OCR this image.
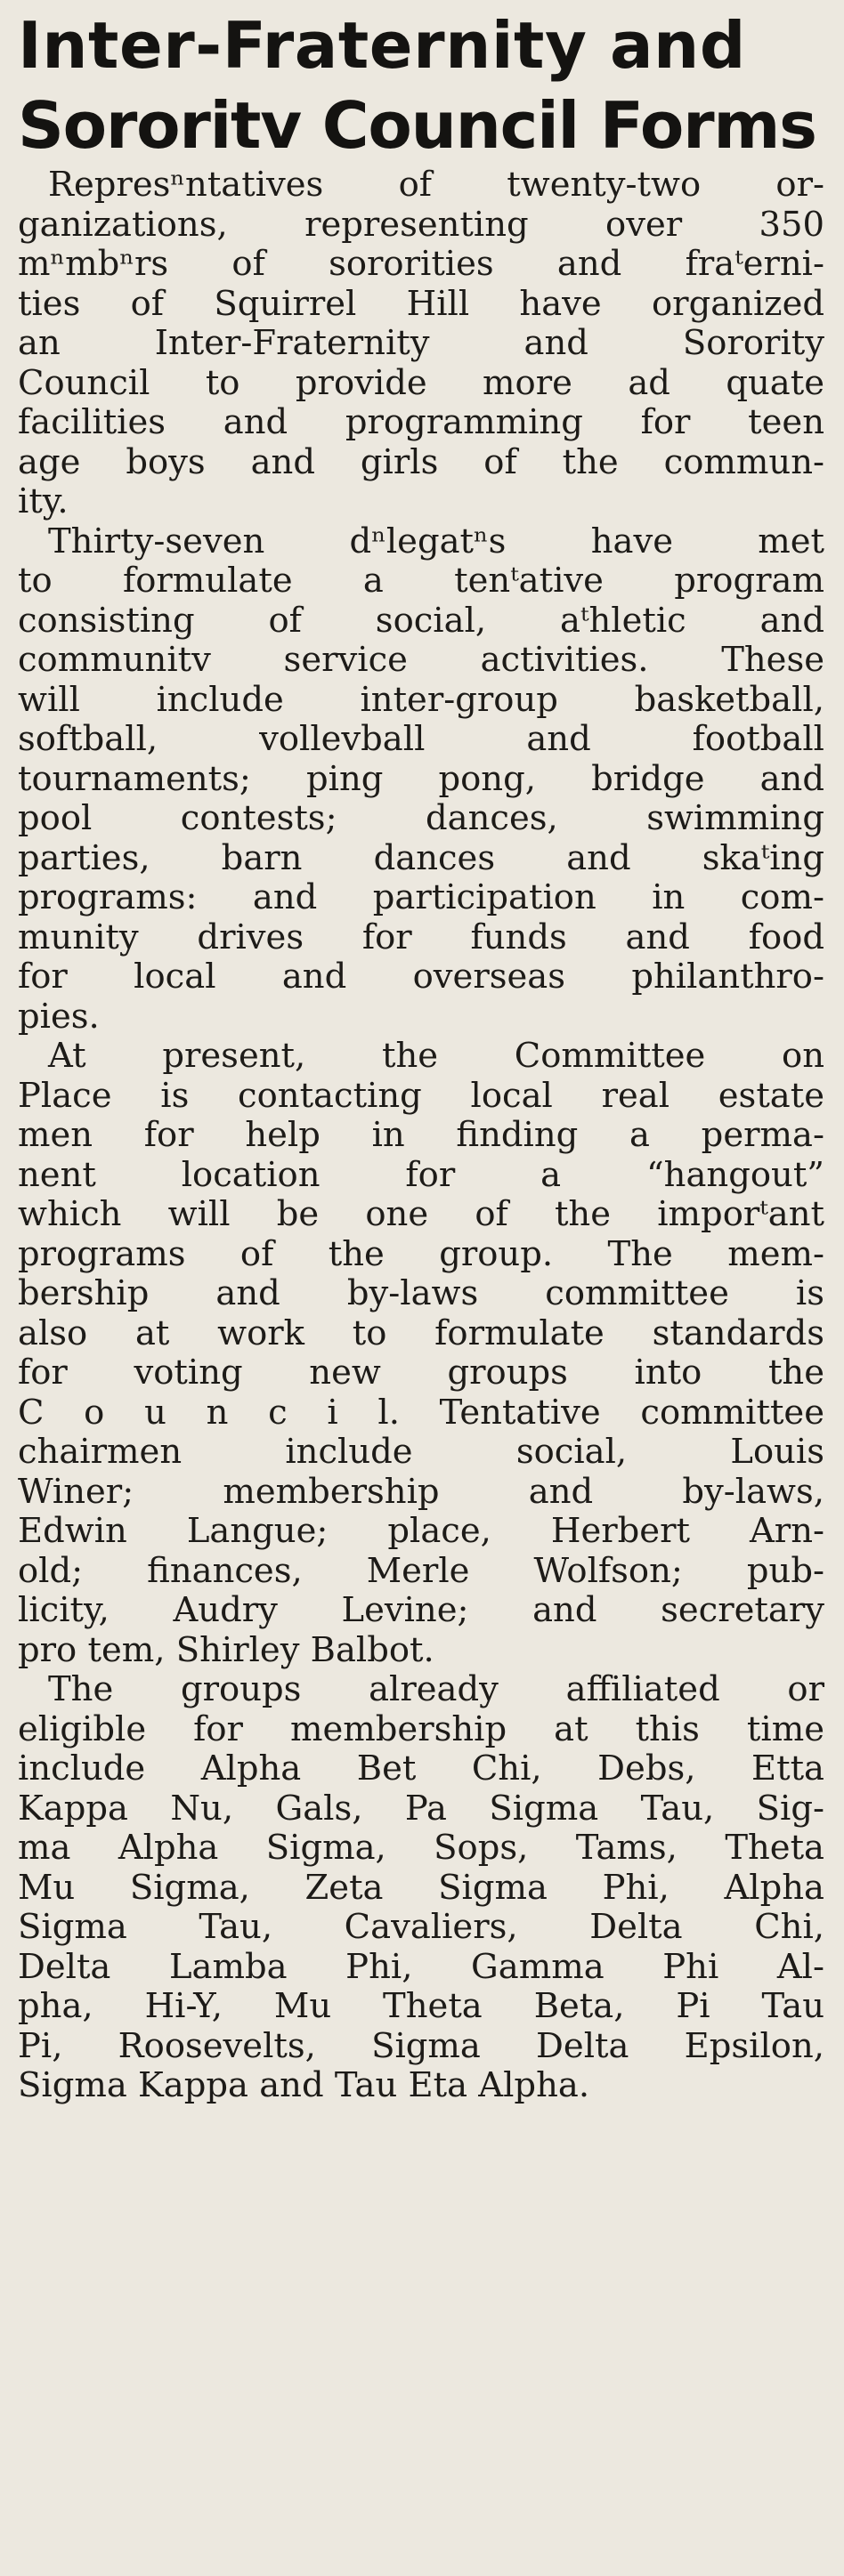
Inter-Fraternity and
Sororitv Council Forms

Represⁿntatives of twenty-two or-
ganizations, representing over 350
mⁿmbⁿrs of sororities and fraᵗerni-
ties of Squirrel Hill have organized
an Inter-Fraternity and Sorority
Council to provide more ad quate
facilities and programming for teen
age boys and girls of the commun-
ity.

Thirty-seven dⁿlegatⁿs have met
to formulate a tenᵗative program
consisting of social, aᵗhletic and
communitv service activities. These
will include inter-group basketball,
softball, vollevball and football
tournaments; ping pong, bridge and
pool contests; dances, swimming
parties, barn dances and skaᵗing
programs: and participation in com-
munity drives for funds and food
for local and overseas philanthro-
pies.

At present, the Committee on
Place is contacting local real estate
men for help in finding a perma-
nent location for a “hangout”
which will be one of the imporᵗant
programs of the group. The mem-
bership and by-laws committee is
also at work to formulate standards
for voting new groups into the
C o u n c i l. Tentative committee
chairmen include social, Louis
Winer; membership and by-laws,
Edwin Langue; place, Herbert Arn-
old; finances, Merle Wolfson; pub-
licity, Audry Levine; and secretary
pro tem, Shirley Balbot.

The groups already affiliated or
eligible for membership at this time
include Alpha Bet Chi, Debs, Etta
Kappa Nu, Gals, Pa Sigma Tau, Sig-
ma Alpha Sigma, Sops, Tams, Theta
Mu Sigma, Zeta Sigma Phi, Alpha
Sigma Tau, Cavaliers, Delta Chi,
Delta Lamba Phi, Gamma Phi Al-
pha, Hi-Y, Mu Theta Beta, Pi Tau
Pi, Roosevelts, Sigma Delta Epsilon,
Sigma Kappa and Tau Eta Alpha.
